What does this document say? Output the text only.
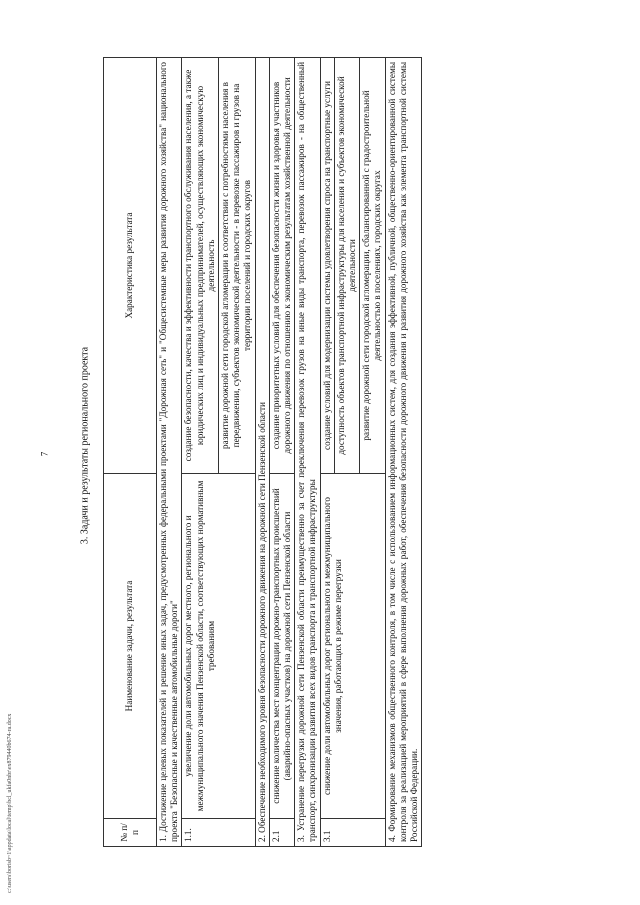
7	3. Задачи и результаты регионального проекта
c:\users\borisb~1\appdata\local\temp\bcl_ukfa0nbr\ex879440b674-ra.docx	№ п/п	Наименование задачи, результата	Характеристика результата
1. Достижение целевых показателей и решение иных задач, предусмотренных федеральными проектами "Дорожная сеть" и "Общесистемные меры развития дорожного хозяйства" национального проекта "Безопасные и качественные автомобильные дороги"		
1.1.	увеличение доли автомобильных дорог местного, регионального и межмуниципального значения Пензенской области, соответствующих нормативным требованиям	создание безопасности, качества и эффективности транспортного обслуживания населения, а также юридических лиц и индивидуальных предпринимателей, осуществляющих экономическую деятельность
		развитие дорожной сети городской агломерации в соответствии с потребностями населения в передвижении, субъектов экономической деятельности - в перевозке пассажиров и грузов на территории поселений и городских округов
2. Обеспечение необходимого уровня безопасности дорожного движения на дорожной сети Пензенской области		
2.1	снижение количества мест концентрации дорожно-транспортных происшествий (аварийно-опасных участков) на дорожной сети Пензенской области	создание приоритетных условий для обеспечения безопасности жизни и здоровья участников дорожного движения по отношению к экономическим результатам хозяйственной деятельности
3. Устранение перегрузки дорожной сети Пензенской области преимущественно за счет переключения перевозок грузов на иные виды транспорта, перевозок пассажиров - на общественный транспорт, синхронизации развития всех видов транспорта и транспортной инфраструктуры		
3.1	снижение доли автомобильных дорог регионального и межмуниципального значения, работающих в режиме перегрузки	создание условий для модернизации системы удовлетворения спроса на транспортные услуги
		доступность объектов транспортной инфраструктуры для населения и субъектов экономической деятельности
		развитие дорожной сети городской агломерации, сбалансированной с градостроительной деятельностью в поселениях, городских округах
4. Формирование механизмов общественного контроля, в том числе с использованием информационных систем, для создания эффективной, публичной, общественно-ориентированной системы контроля за реализацией мероприятий в сфере выполнения дорожных работ, обеспечения безопасности дорожного движения и развития дорожного хозяйства как элемента транспортной системы Российской Федерации.		
